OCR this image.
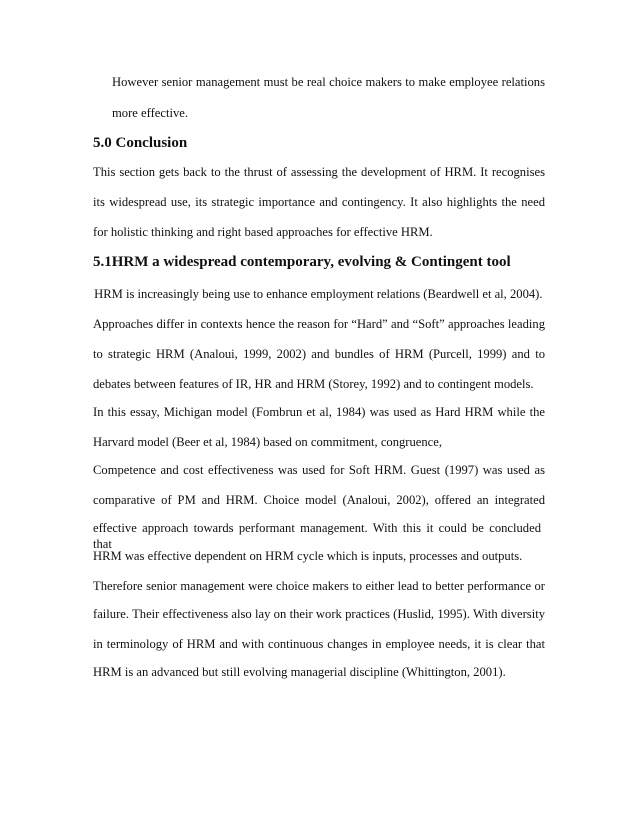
However senior management must be real choice makers to make employee relations
more effective.
5.0 Conclusion
This section gets back to the thrust of assessing the development of HRM. It recognises
its widespread use, its strategic importance and contingency. It also highlights the need
for holistic thinking and right based approaches for effective HRM.
5.1HRM a widespread contemporary, evolving & Contingent tool
HRM is increasingly being use to enhance employment relations (Beardwell et al, 2004).
Approaches differ in contexts hence the reason for “Hard” and “Soft” approaches leading
to strategic HRM (Analoui, 1999, 2002) and bundles of HRM (Purcell, 1999) and to
debates between features of IR, HR and HRM (Storey, 1992) and to contingent models.
In this essay, Michigan model (Fombrun et al, 1984) was used as Hard HRM while the
Harvard model (Beer et al, 1984) based on commitment, congruence,
Competence and cost effectiveness was used for Soft HRM. Guest (1997) was used as
comparative of PM and HRM. Choice model (Analoui, 2002), offered an integrated
effective approach towards performant management. With this it could be concluded that
HRM was effective dependent on HRM cycle which is inputs, processes and outputs.
Therefore senior management were choice makers to either lead to better performance or
failure. Their effectiveness also lay on their work practices (Huslid, 1995). With diversity
in terminology of HRM and with continuous changes in employee needs, it is clear that
HRM is an advanced but still evolving managerial discipline (Whittington, 2001).
